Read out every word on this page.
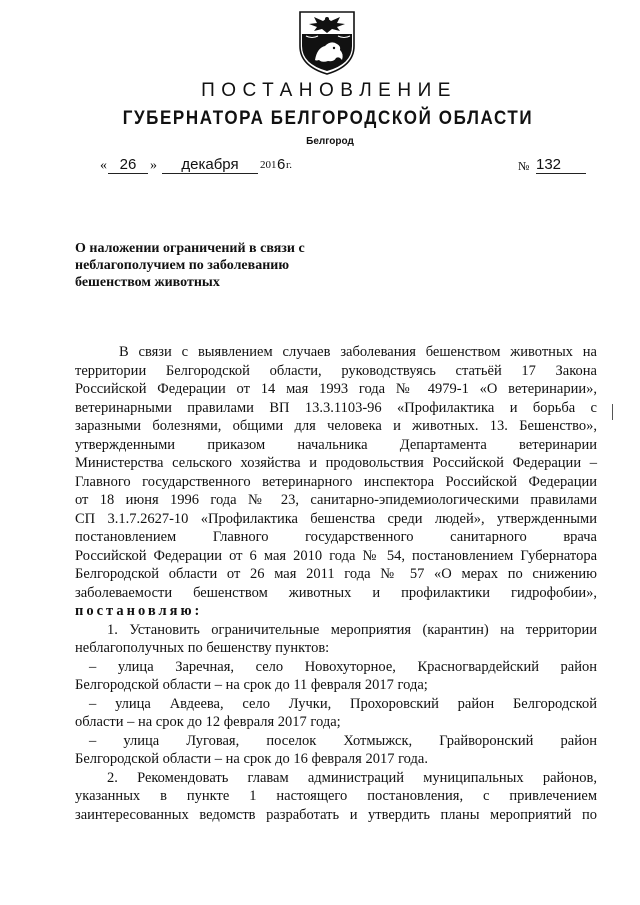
ПОСТАНОВЛЕНИЕ
ГУБЕРНАТОРА БЕЛГОРОДСКОЙ ОБЛАСТИ
Белгород
« 26 »	декабря	201 6 г.	№ 132
О наложении ограничений в связи с
неблагополучием по заболеванию
бешенством животных
В связи с выявлением случаев заболевания бешенством животных на
территории Белгородской области, руководствуясь статьёй 17 Закона
Российской Федерации от 14 мая 1993 года № 4979-1 «О ветеринарии»,
ветеринарными правилами ВП 13.3.1103-96 «Профилактика и борьба с
заразными болезнями, общими для человека и животных. 13. Бешенство»,
утвержденными приказом начальника Департамента ветеринарии
Министерства сельского хозяйства и продовольствия Российской Федерации –
Главного государственного ветеринарного инспектора Российской Федерации
от 18 июня 1996 года № 23, санитарно-эпидемиологическими правилами
СП 3.1.7.2627-10 «Профилактика бешенства среди людей», утвержденными
постановлением Главного государственного санитарного врача
Российской Федерации от 6 мая 2010 года № 54, постановлением Губернатора
Белгородской области от 26 мая 2011 года № 57 «О мерах по снижению
заболеваемости бешенством животных и профилактики гидрофобии»,
постановляю:
1. Установить ограничительные мероприятия (карантин) на территории
неблагополучных по бешенству пунктов:
– улица Заречная, село Новохуторное, Красногвардейский район
Белгородской области – на срок до 11 февраля 2017 года;
– улица Авдеева, село Лучки, Прохоровский район Белгородской
области – на срок до 12 февраля 2017 года;
– улица Луговая, поселок Хотмыжск, Грайворонский район
Белгородской области – на срок до 16 февраля 2017 года.
2. Рекомендовать главам администраций муниципальных районов,
указанных в пункте 1 настоящего постановления, с привлечением
заинтересованных ведомств разработать и утвердить планы мероприятий по
